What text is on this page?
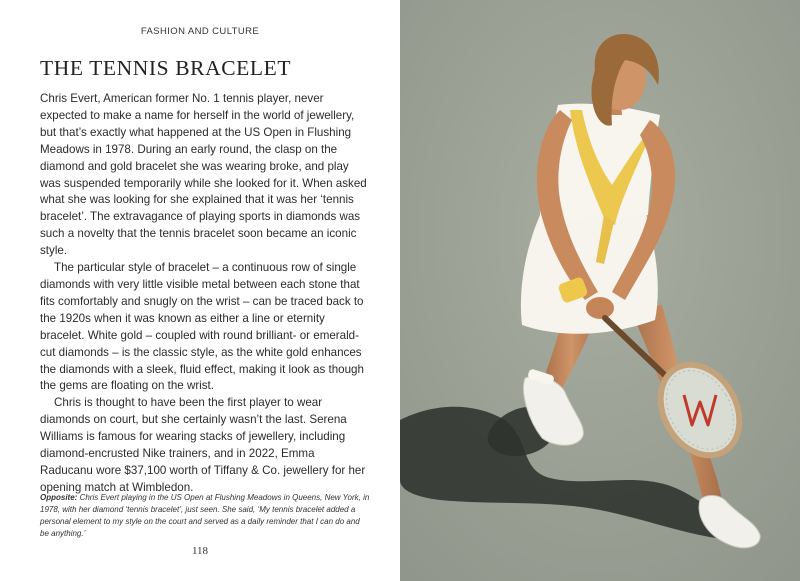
FASHION AND CULTURE
THE TENNIS BRACELET

Chris Evert, American former No. 1 tennis player, never expected to make a name for herself in the world of jewellery, but that’s exactly what happened at the US Open in Flushing Meadows in 1978. During an early round, the clasp on the diamond and gold bracelet she was wearing broke, and play was suspended temporarily while she looked for it. When asked what she was looking for she explained that it was her ‘tennis bracelet’. The extravagance of playing sports in diamonds was such a novelty that the tennis bracelet soon became an iconic style.

The particular style of bracelet – a continuous row of single diamonds with very little visible metal between each stone that fits comfortably and snugly on the wrist – can be traced back to the 1920s when it was known as either a line or eternity bracelet. White gold – coupled with round brilliant- or emerald-cut diamonds – is the classic style, as the white gold enhances the diamonds with a sleek, fluid effect, making it look as though the gems are floating on the wrist.

Chris is thought to have been the first player to wear diamonds on court, but she certainly wasn’t the last. Serena Williams is famous for wearing stacks of jewellery, including diamond-encrusted Nike trainers, and in 2022, Emma Raducanu wore $37,100 worth of Tiffany & Co. jewellery for her opening match at Wimbledon.

Opposite: Chris Evert playing in the US Open at Flushing Meadows in Queens, New York, in 1978, with her diamond ‘tennis bracelet’, just seen. She said, ‘My tennis bracelet added a personal element to my style on the court and served as a daily reminder that I can do and be anything.’
118
